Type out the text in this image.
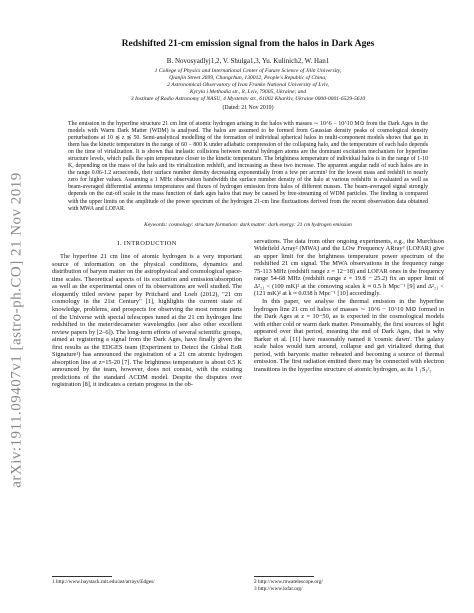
arXiv:1911.09407v1 [astro-ph.CO] 21 Nov 2019
Redshifted 21-cm emission signal from the halos in Dark Ages
B. Novosyadlyj1,2, V. Shulga1,3, Yu. Kulinich2, W. Han1
1 College of Physics and International Center of Future Science of Jilin University,
Qianjin Street 2699, Changchun, 130012, People's Republic of China;
2 Astronomical Observatory of Ivan Franko National University of Lviv,
Kyryla i Methodia str., 8, Lviv, 79005, Ukraine; and
3 Institute of Radio Astronomy of NASU, 4 Mystetstv str., 61002 Kharkiv, Ukraine 0000-0001-6529-5610
(Dated: 21 Nov 2019)
The emission in the hyperfine structure 21 cm line of atomic hydrogen arising in the halos with masses ∼ 10^6 − 10^10 M⊙ from the Dark Ages in the models with Warm Dark Matter (WDM) is analysed. The halos are assumed to be formed from Gaussian density peaks of cosmological density perturbations at 10 ≲ z ≲ 50. Semi-analytical modelling of the formation of individual spherical halos in multi-component models shows that gas in them has the kinetic temperature in the range of 60 − 800 K under adiabatic compression of the collapsing halo, and the temperature of each halo depends on the time of virialization. It is shown that inelastic collisions between neutral hydrogen atoms are the dominant excitation mechanism for hyperfine structure levels, which pulls the spin temperature closer to the kinetic temperature. The brightness temperature of individual halos is in the range of 1-10 K, depending on the mass of the halo and its virialization redshift, and increasing as these two increase. The apparent angular radii of such halos are in the range 0.06-1.2 arcseconds, their surface number density decreasing exponentially from a few per arcmin² for the lowest mass and redshift to nearly zero for higher values. Assuming a 1 MHz observation bandwidth the surface number density of the halo at various redshifts is evaluated as well as beam-averaged differential antenna temperatures and fluxes of hydrogen emission from halos of different masses. The beam-averaged signal strongly depends on the cut-off scale in the mass function of dark ages halos that may be caused by free-streaming of WDM particles. The finding is compared with the upper limits on the amplitude of the power spectrum of the hydrogen 21-cm line fluctuations derived from the recent observation data obtained with MWA and LOFAR.
Keywords: cosmology: structure formation: dark matter: dark energy: 21 cm hydrogen emission
I. INTRODUCTION

The hyperfine 21 cm line of atomic hydrogen is a very important source of information on the physical conditions, dynamics and distribution of baryon matter on the astrophysical and cosmological space-time scales. Theoretical aspects of its excitation and emission/absorption as well as the experimental ones of its observations are well studied. The eloquently titled review paper by Pritchard and Loeb (2012), "21 cm cosmology in the 21st Century" [1], highlights the current state of knowledge, problems, and prospects for observing the most remote parts of the Universe with special telescopes tuned at the 21 cm hydrogen line redshifted to the meter/decameter wavelengths (see also other excellent review papers by [2–6]). The long-term efforts of several scientific groups, aimed at registering a signal from the Dark Ages, have finally given the first results as the EDGES team (Experiment to Detect the Global EoR Signature¹) has announced the registration of a 21 cm atomic hydrogen absorption line at z=15-20 [7]. The brightness temperature is about 0.5 K announced by the team, however, does not consist, with the existing predictions of the standard ΛCDM model. Despite the disputes over registration [8], it indicates a certain progress in the ob-

servations. The data from other ongoing experiments, e.g., the Murchison Widefield Array² (MWA) and the LOw Frequency ARray³ (LOFAR) give an upper limit for the brightness temperature power spectrum of the redshifted 21 cm signal. The MWA observations in the frequency range 75-113 MHz (redshift range z = 12−18) and LOFAR ones in the frequency range 54-68 MHz (redshift range z = 19.8 − 25.2) fix an upper limit of Δ²₂₁ < (100 mK)² at the comoving scales k ≈ 0.5 h Mpc⁻¹ [9] and Δ²₂₁ < (121 mK)² at k ≈ 0.038 h Mpc⁻¹ [10] accordingly.

In this paper, we analyse the thermal emission in the hyperfine hydrogen line 21 cm of halos of masses ∼ 10^6 − 10^10 M⊙ formed in the Dark Ages at z = 10−50, as is expected in the cosmological models with either cold or warm dark matter. Presumably, the first sources of light appeared over that period, meaning the end of Dark Ages, that is why Barker et al. [11] have reasonably named it 'cosmic dawn'. The galaxy scale halos would turn around, collapse and get virialized during that period, with baryonic matter reheated and becoming a source of thermal emission. The first radiation emitted there may be connected with electron transitions in the hyperfine structure of atomic hydrogen, as its 1 ₁S₁/₂

1 http://www.haystack.mit.edu/ast/arrays/Edges/	2 http://www.mwatelescope.org/
3 http://www.lofar.org/
